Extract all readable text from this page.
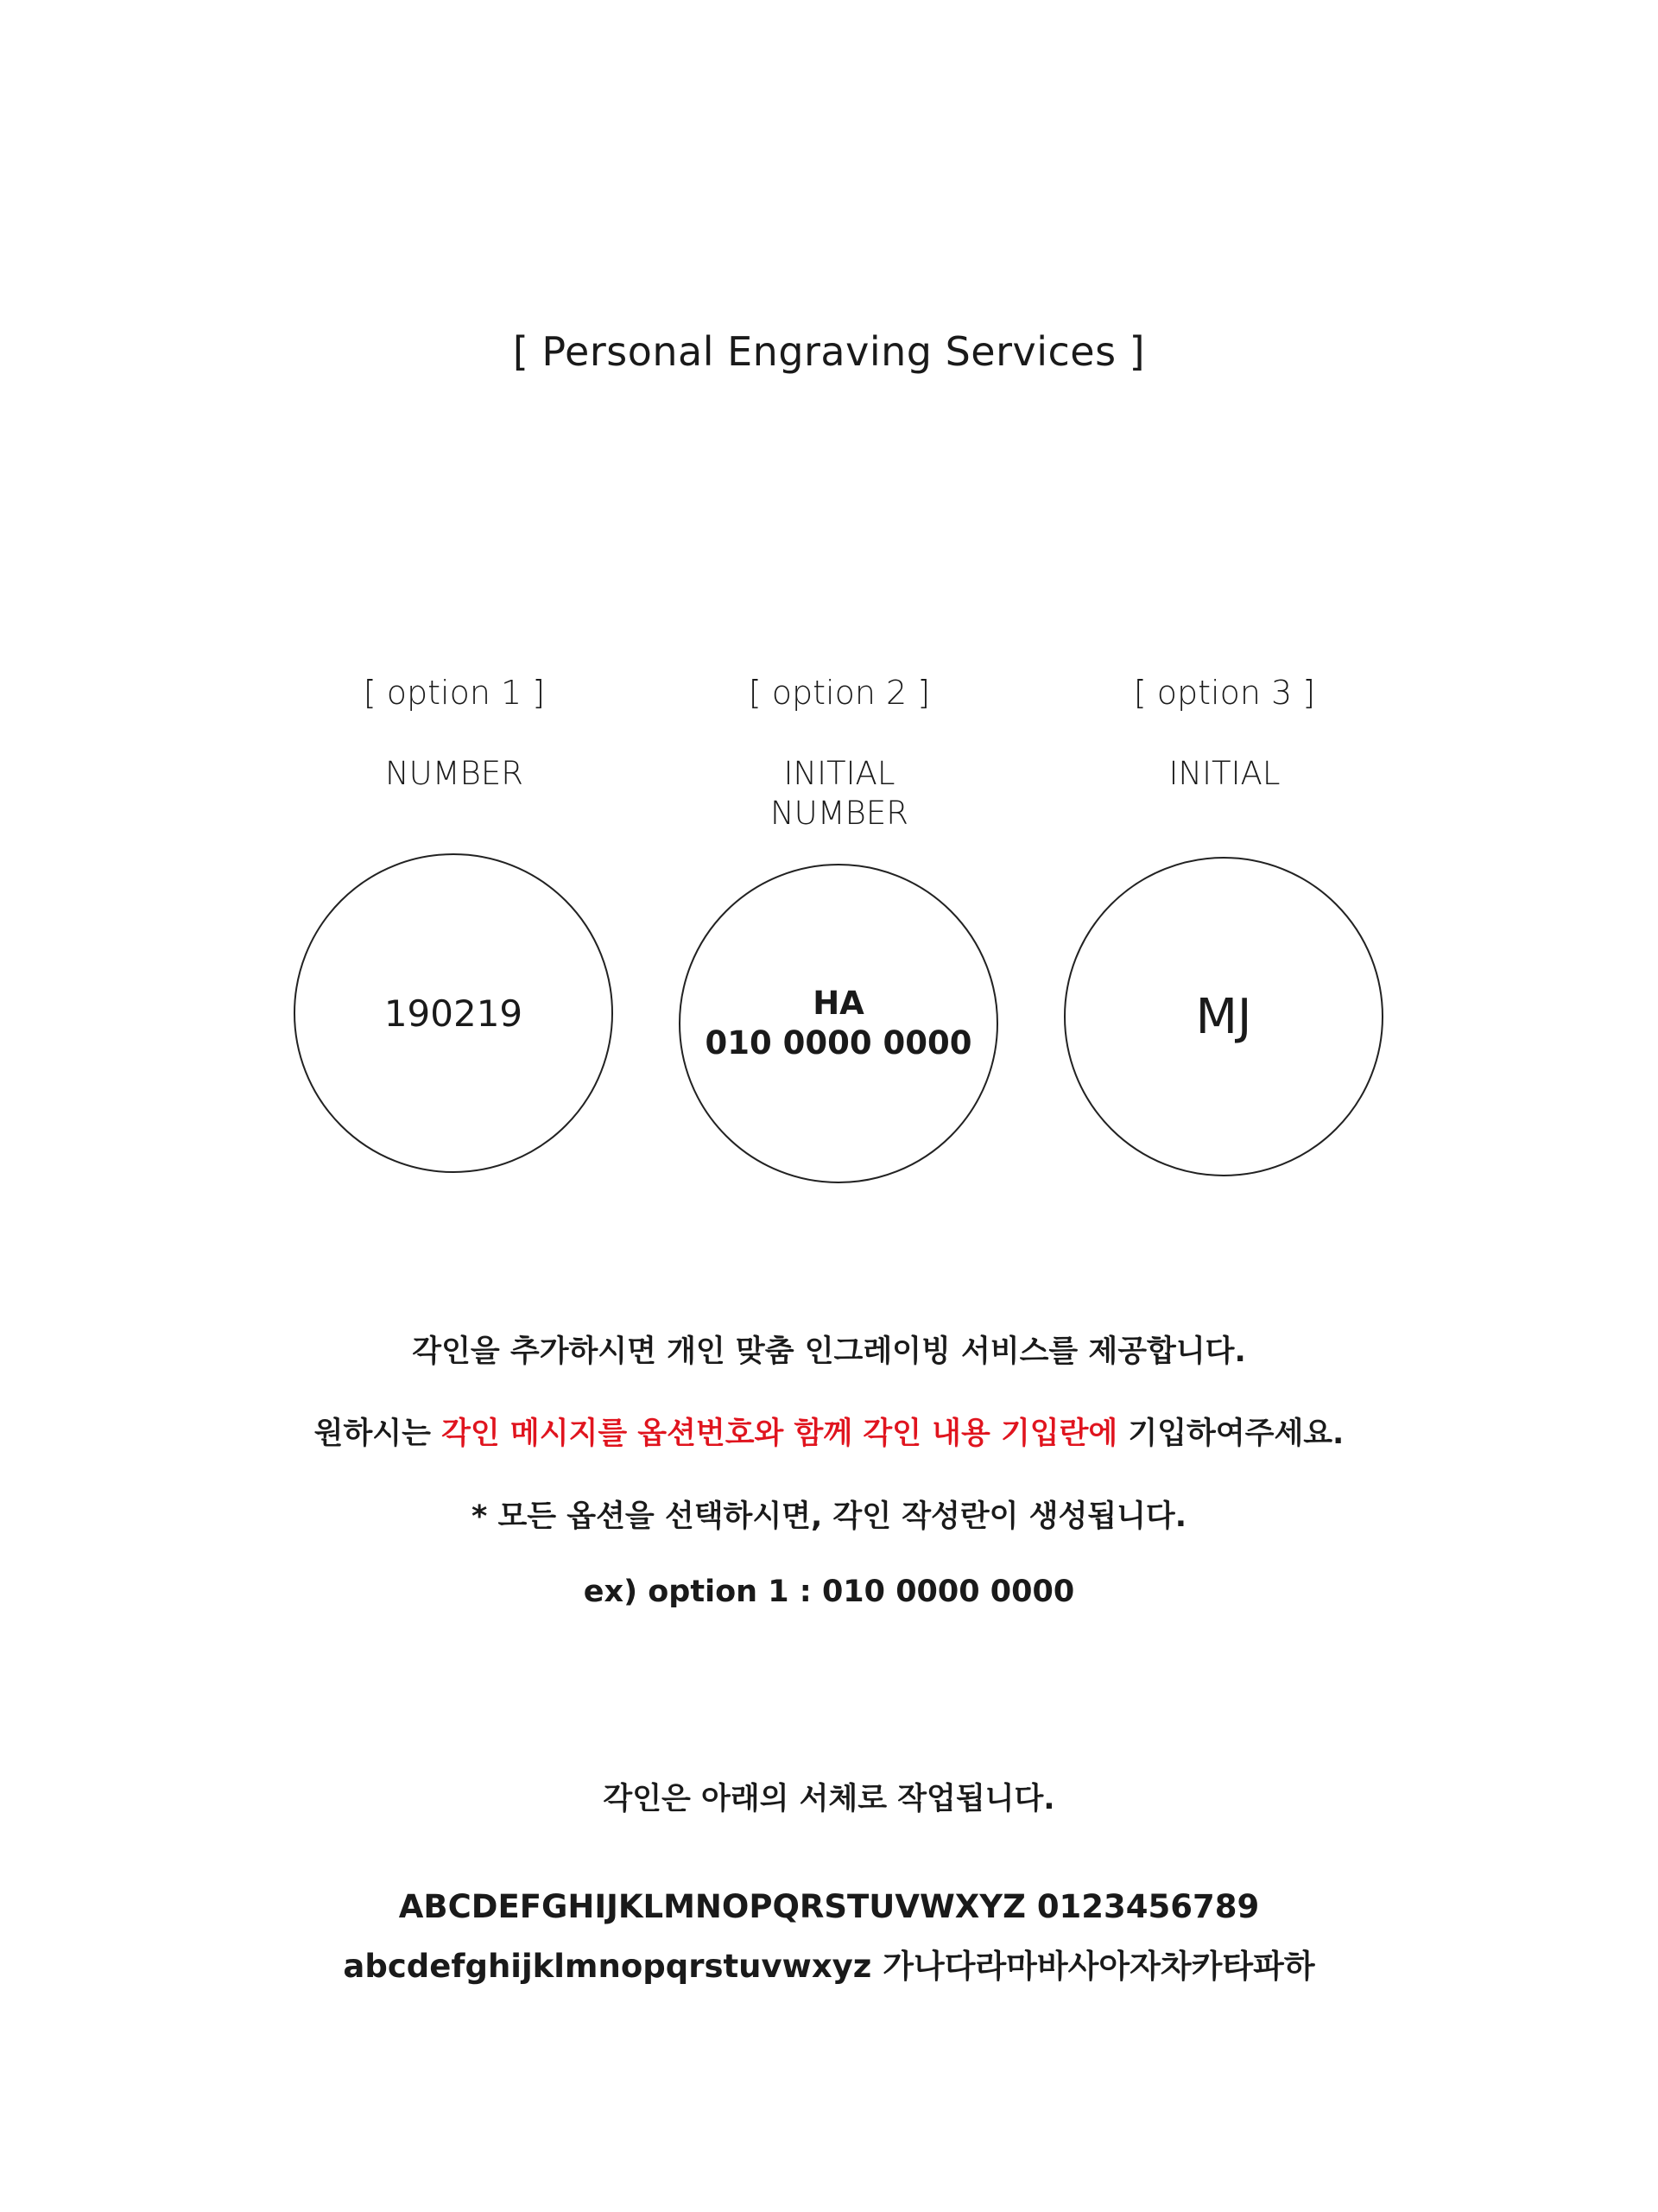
[ Personal Engraving Services ]
[ option 1 ]
NUMBER
190219
[ option 2 ]
INITIAL
NUMBER
HA
010 0000 0000
[ option 3 ]
INITIAL
MJ
각인을 추가하시면 개인 맞춤 인그레이빙 서비스를 제공합니다.
원하시는 각인 메시지를 옵션번호와 함께 각인 내용 기입란에 기입하여주세요.
* 모든 옵션을 선택하시면, 각인 작성란이 생성됩니다.
ex) option 1 : 010 0000 0000
각인은 아래의 서체로 작업됩니다.
ABCDEFGHIJKLMNOPQRSTUVWXYZ 0123456789
abcdefghijklmnopqrstuvwxyz 가나다라마바사아자차카타파하
